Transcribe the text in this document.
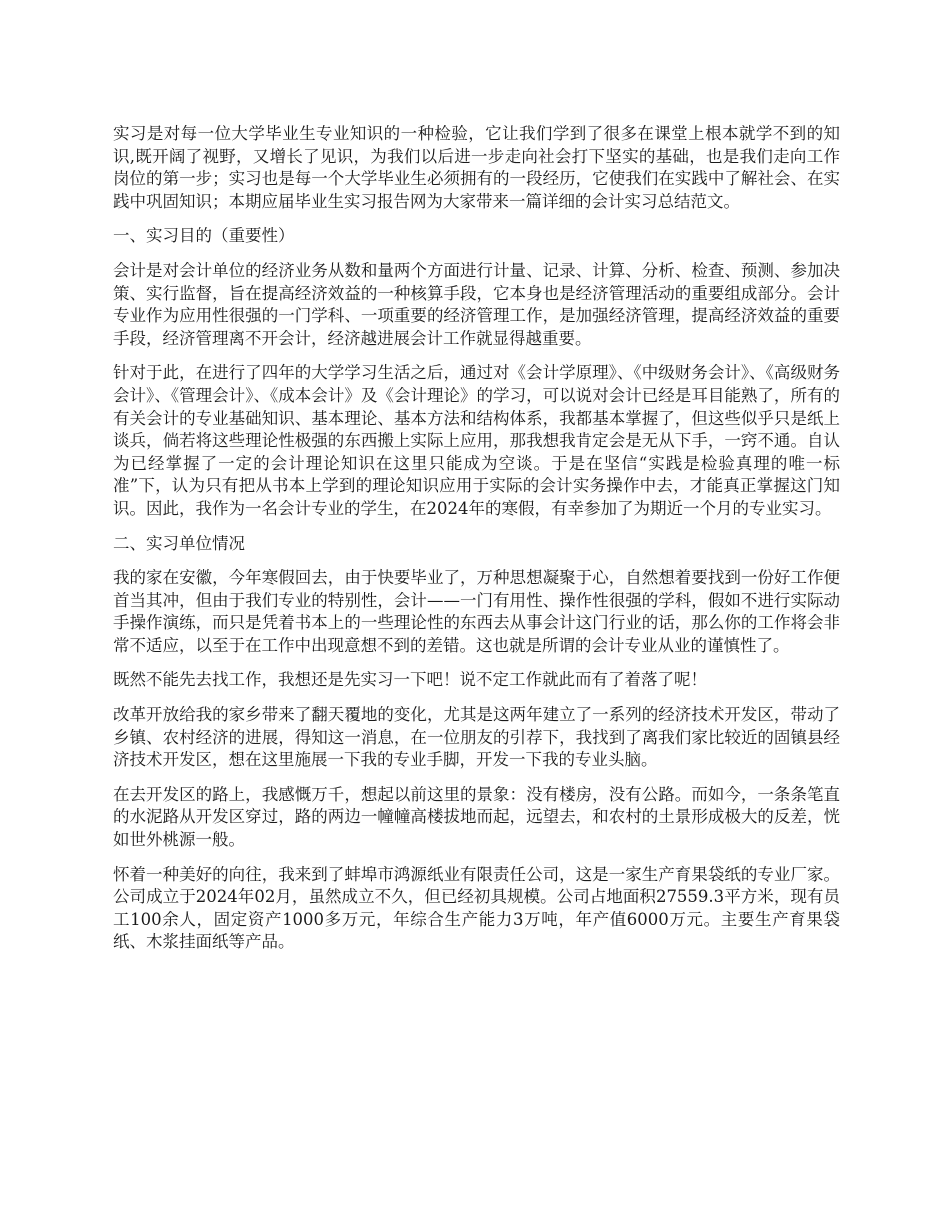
实习是对每一位大学毕业生专业知识的一种检验，它让我们学到了很多在课堂上根本就学不到的知识,既开阔了视野，又增长了见识，为我们以后进一步走向社会打下坚实的基础，也是我们走向工作岗位的第一步；实习也是每一个大学毕业生必须拥有的一段经历，它使我们在实践中了解社会、在实践中巩固知识；本期应届毕业生实习报告网为大家带来一篇详细的会计实习总结范文。

一、实习目的（重要性）

会计是对会计单位的经济业务从数和量两个方面进行计量、记录、计算、分析、检查、预测、参加决策、实行监督，旨在提高经济效益的一种核算手段，它本身也是经济管理活动的重要组成部分。会计专业作为应用性很强的一门学科、一项重要的经济管理工作，是加强经济管理，提高经济效益的重要手段，经济管理离不开会计，经济越进展会计工作就显得越重要。

针对于此，在进行了四年的大学学习生活之后，通过对《会计学原理》、《中级财务会计》、《高级财务会计》、《管理会计》、《成本会计》及《会计理论》的学习，可以说对会计已经是耳目能熟了，所有的有关会计的专业基础知识、基本理论、基本方法和结构体系，我都基本掌握了，但这些似乎只是纸上谈兵，倘若将这些理论性极强的东西搬上实际上应用，那我想我肯定会是无从下手，一窍不通。自认为已经掌握了一定的会计理论知识在这里只能成为空谈。于是在坚信“实践是检验真理的唯一标准”下，认为只有把从书本上学到的理论知识应用于实际的会计实务操作中去，才能真正掌握这门知识。因此，我作为一名会计专业的学生，在2024年的寒假，有幸参加了为期近一个月的专业实习。

二、实习单位情况

我的家在安徽，今年寒假回去，由于快要毕业了，万种思想凝聚于心，自然想着要找到一份好工作便首当其冲，但由于我们专业的特别性，会计——一门有用性、操作性很强的学科，假如不进行实际动手操作演练，而只是凭着书本上的一些理论性的东西去从事会计这门行业的话，那么你的工作将会非常不适应，以至于在工作中出现意想不到的差错。这也就是所谓的会计专业从业的谨慎性了。

既然不能先去找工作，我想还是先实习一下吧！说不定工作就此而有了着落了呢！

改革开放给我的家乡带来了翻天覆地的变化，尤其是这两年建立了一系列的经济技术开发区，带动了乡镇、农村经济的进展，得知这一消息，在一位朋友的引荐下，我找到了离我们家比较近的固镇县经济技术开发区，想在这里施展一下我的专业手脚，开发一下我的专业头脑。

在去开发区的路上，我感慨万千，想起以前这里的景象：没有楼房，没有公路。而如今，一条条笔直的水泥路从开发区穿过，路的两边一幢幢高楼拔地而起，远望去，和农村的土景形成极大的反差，恍如世外桃源一般。

怀着一种美好的向往，我来到了蚌埠市鸿源纸业有限责任公司，这是一家生产育果袋纸的专业厂家。公司成立于2024年02月，虽然成立不久，但已经初具规模。公司占地面积27559.3平方米，现有员工100余人，固定资产1000多万元，年综合生产能力3万吨，年产值6000万元。主要生产育果袋纸、木浆挂面纸等产品。
